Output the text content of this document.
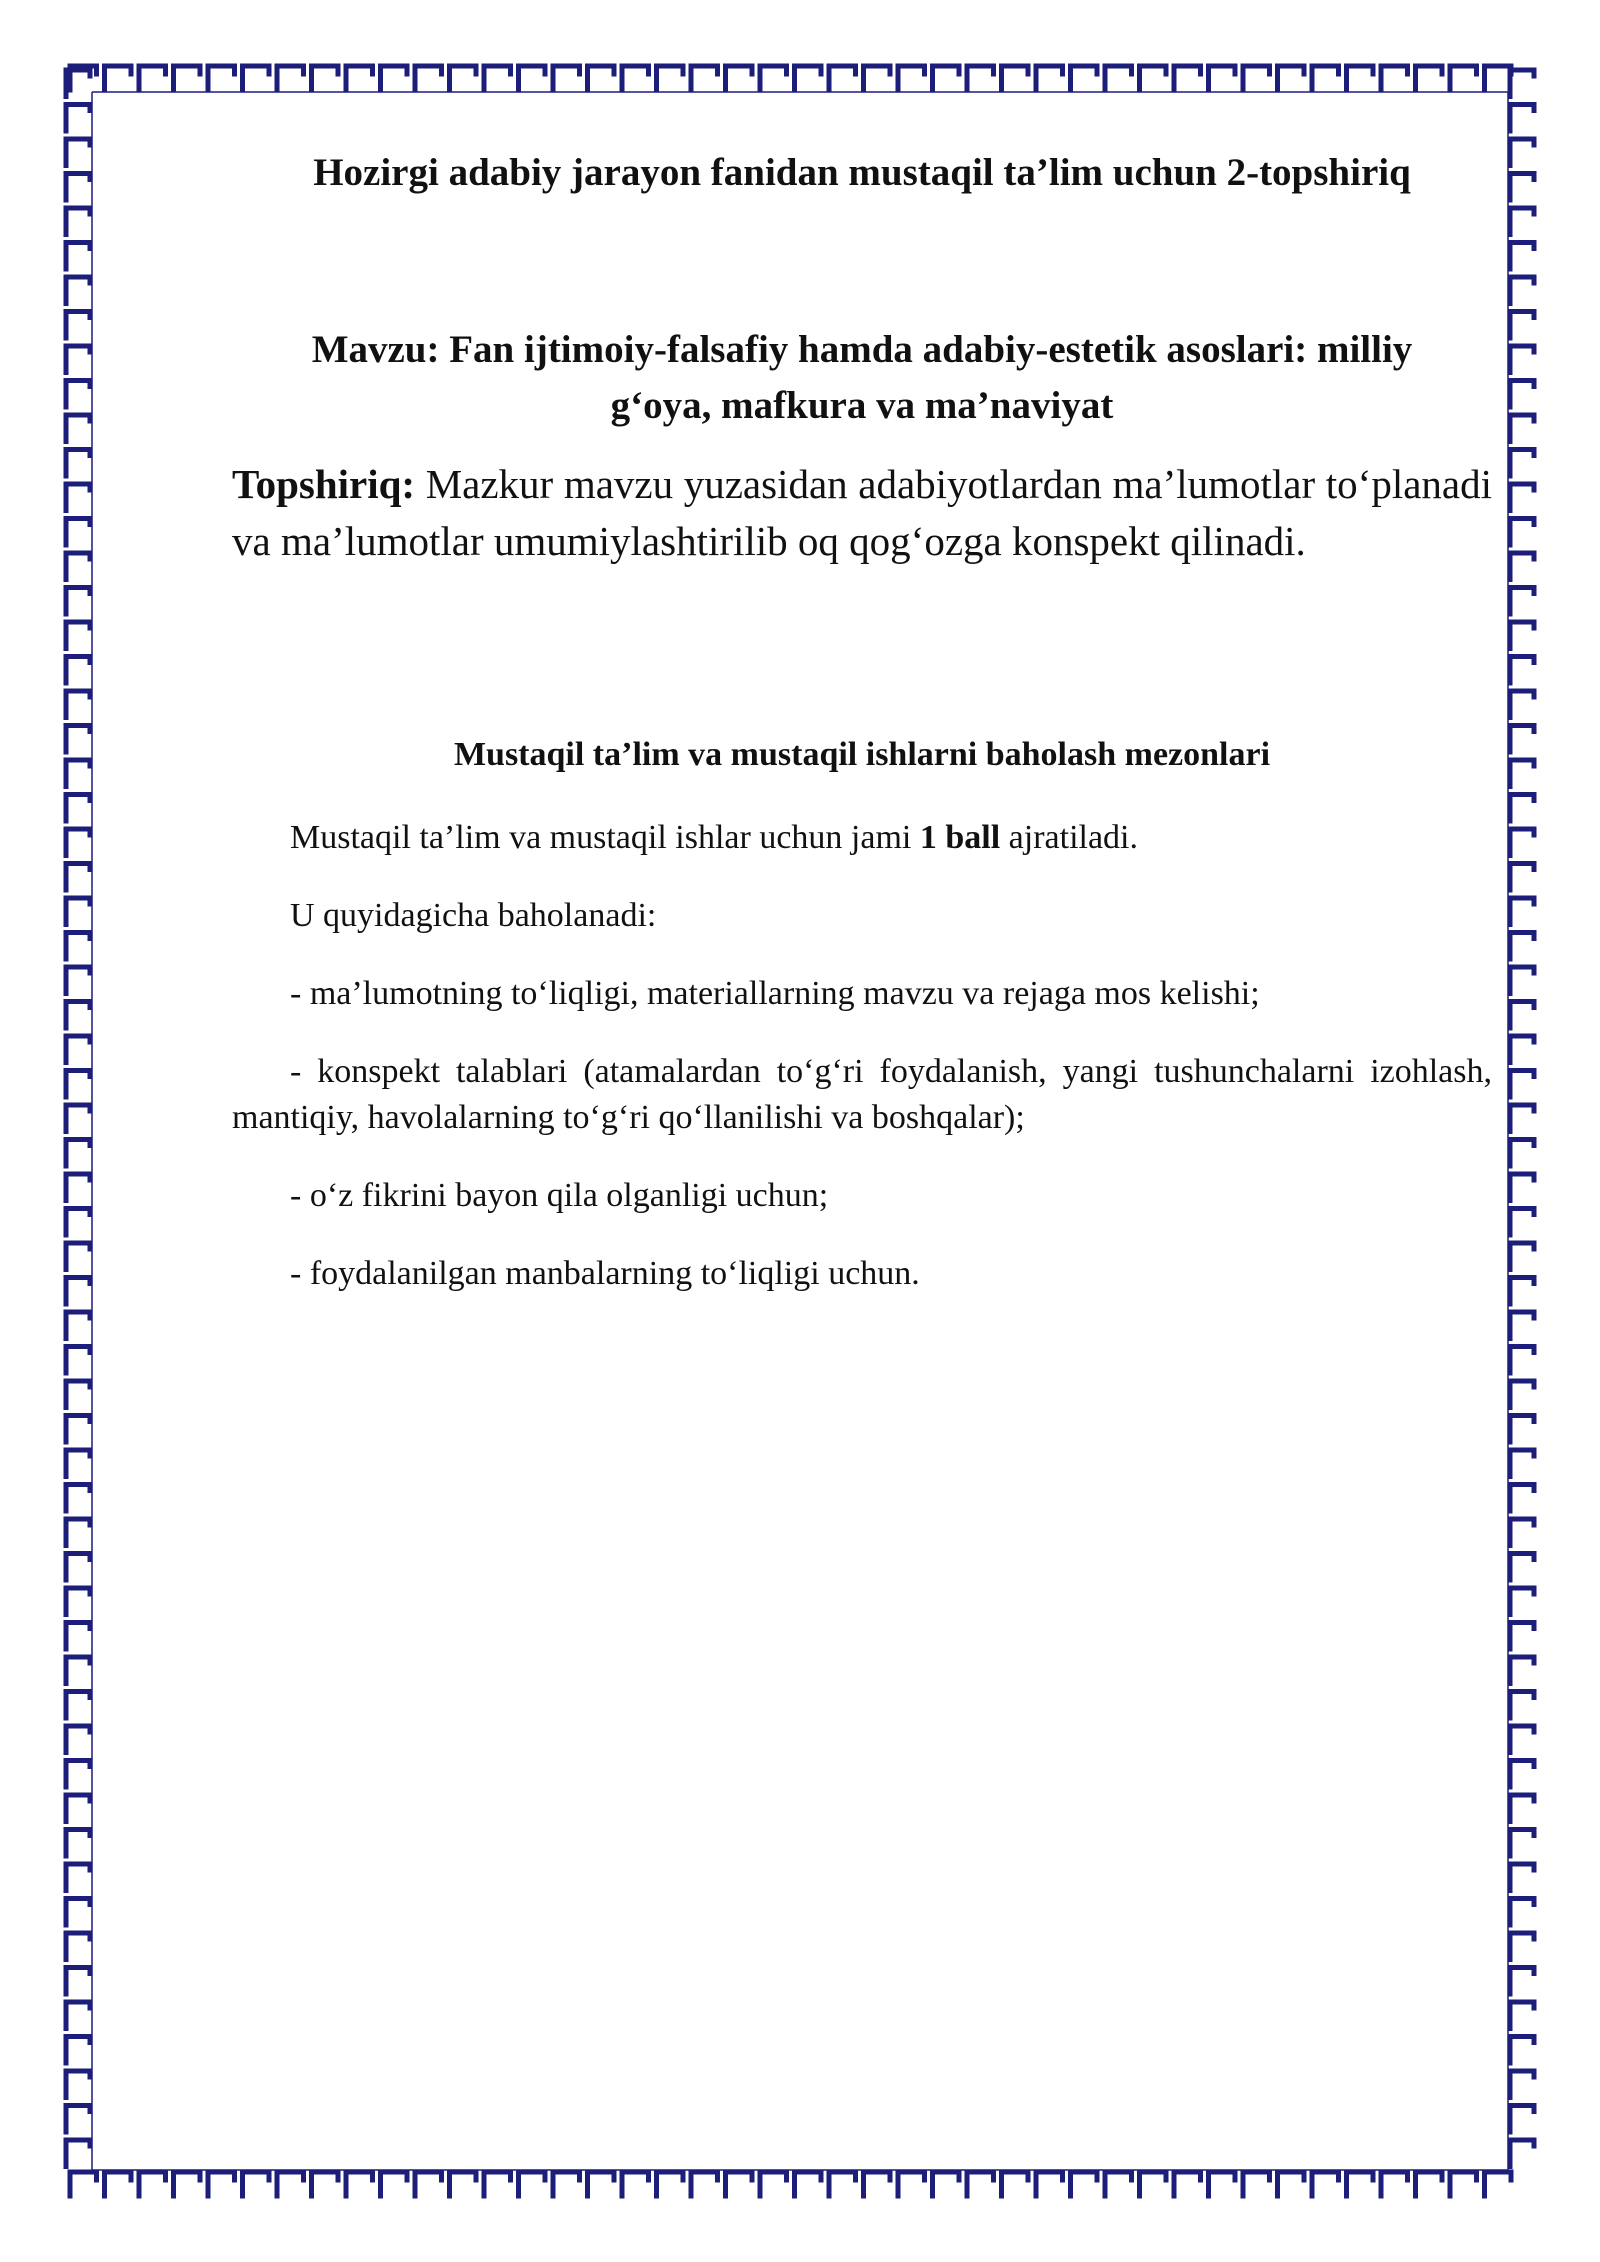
Hozirgi adabiy jarayon fanidan mustaqil ta’lim uchun 2-topshiriq
Mavzu: Fan ijtimoiy-falsafiy hamda adabiy-estetik asoslari: milliy
g‘oya, mafkura va ma’naviyat

Topshiriq: Mazkur mavzu yuzasidan adabiyotlardan ma’lumotlar to‘planadi va ma’lumotlar umumiylashtirilib oq qog‘ozga konspekt qilinadi.

Mustaqil ta’lim va mustaqil ishlarni baholash mezonlari

Mustaqil ta’lim va mustaqil ishlar uchun jami 1 ball ajratiladi.

U quyidagicha baholanadi:

- ma’lumotning to‘liqligi, materiallarning mavzu va rejaga mos kelishi;

- konspekt talablari (atamalardan to‘g‘ri foydalanish, yangi tushunchalarni izohlash, mantiqiy, havolalarning to‘g‘ri qo‘llanilishi va boshqalar);

- o‘z fikrini bayon qila olganligi uchun;

- foydalanilgan manbalarning to‘liqligi uchun.
